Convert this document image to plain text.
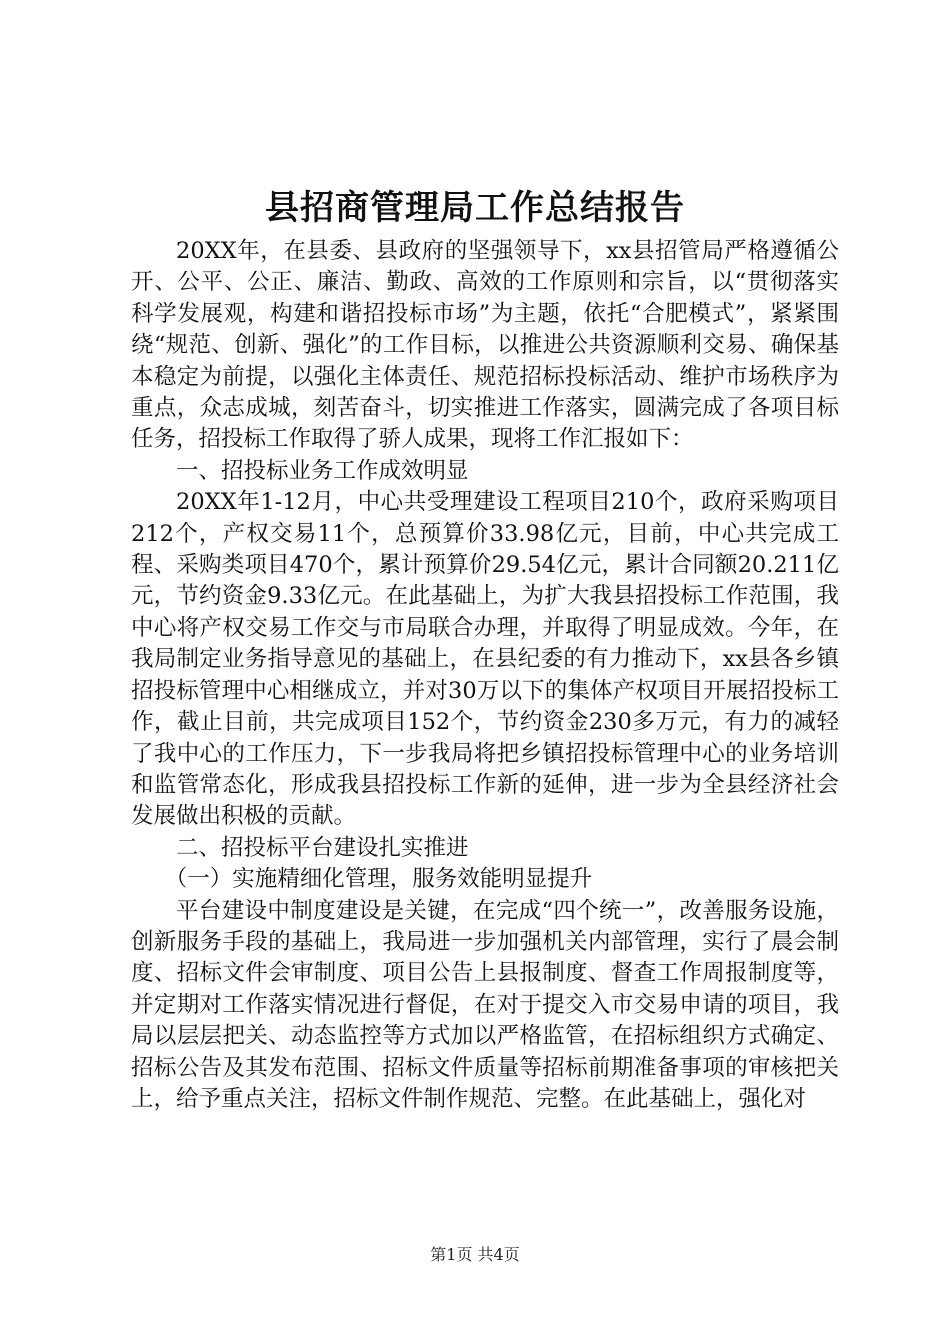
县招商管理局工作总结报告

20XX年，在县委、县政府的坚强领导下，xx县招管局严格遵循公开、公平、公正、廉洁、勤政、高效的工作原则和宗旨，以“贯彻落实科学发展观，构建和谐招投标市场”为主题，依托“合肥模式”，紧紧围绕“规范、创新、强化”的工作目标，以推进公共资源顺利交易、确保基本稳定为前提，以强化主体责任、规范招标投标活动、维护市场秩序为重点，众志成城，刻苦奋斗，切实推进工作落实，圆满完成了各项目标任务，招投标工作取得了骄人成果，现将工作汇报如下：

一、招投标业务工作成效明显

20XX年1-12月，中心共受理建设工程项目210个，政府采购项目212个，产权交易11个，总预算价33.98亿元，目前，中心共完成工程、采购类项目470个，累计预算价29.54亿元，累计合同额20.211亿元，节约资金9.33亿元。在此基础上，为扩大我县招投标工作范围，我中心将产权交易工作交与市局联合办理，并取得了明显成效。今年，在我局制定业务指导意见的基础上，在县纪委的有力推动下，xx县各乡镇招投标管理中心相继成立，并对30万以下的集体产权项目开展招投标工作，截止目前，共完成项目152个，节约资金230多万元，有力的减轻了我中心的工作压力，下一步我局将把乡镇招投标管理中心的业务培训和监管常态化，形成我县招投标工作新的延伸，进一步为全县经济社会发展做出积极的贡献。

二、招投标平台建设扎实推进

（一）实施精细化管理，服务效能明显提升

平台建设中制度建设是关键，在完成“四个统一”，改善服务设施，创新服务手段的基础上，我局进一步加强机关内部管理，实行了晨会制度、招标文件会审制度、项目公告上县报制度、督查工作周报制度等，并定期对工作落实情况进行督促，在对于提交入市交易申请的项目，我局以层层把关、动态监控等方式加以严格监管，在招标组织方式确定、招标公告及其发布范围、招标文件质量等招标前期准备事项的审核把关上，给予重点关注，招标文件制作规范、完整。在此基础上，强化对

第1页 共4页
